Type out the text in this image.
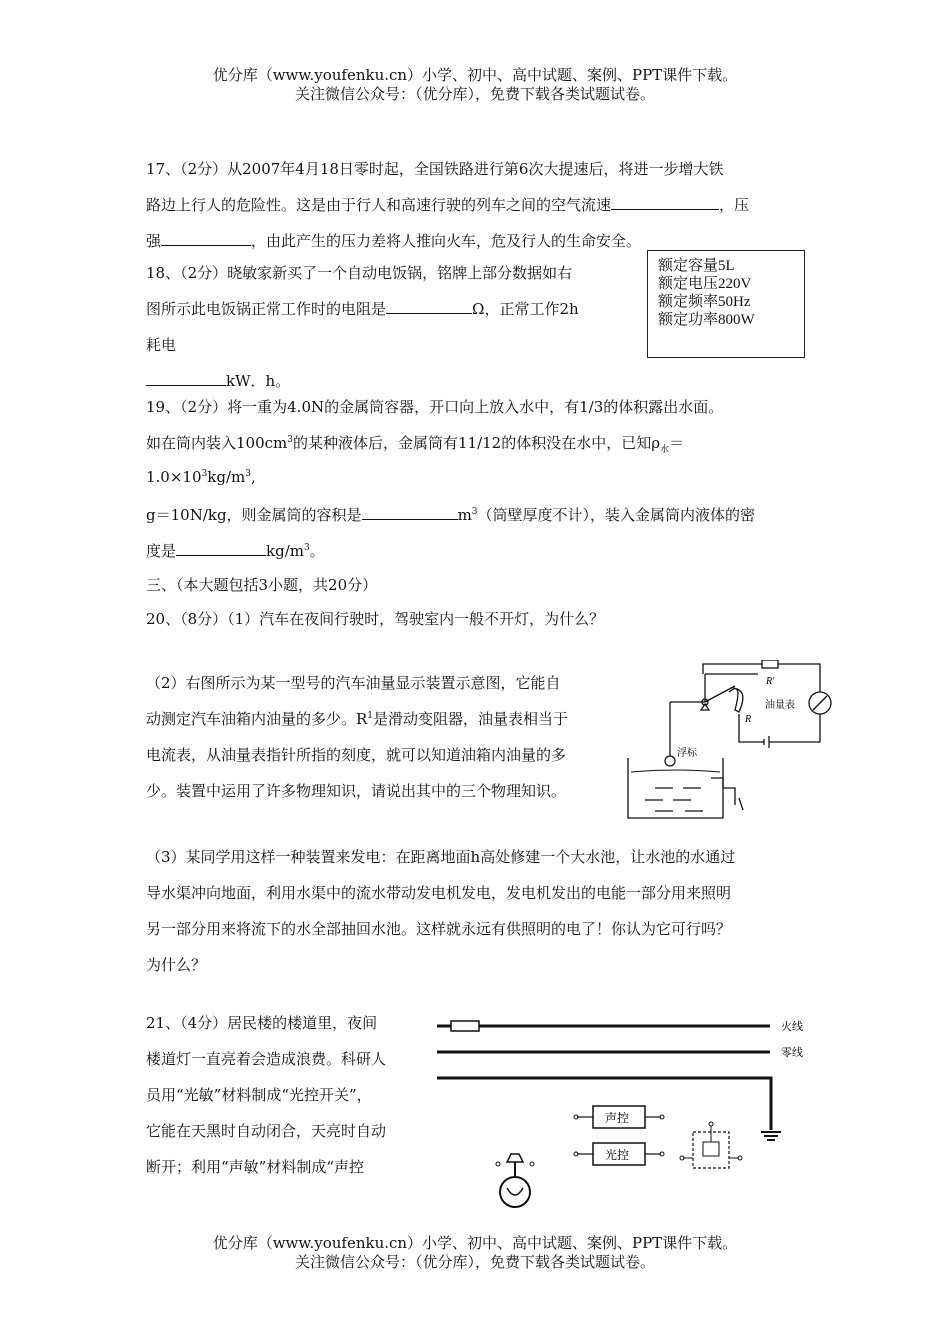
优分库（www.youfenku.cn）小学、初中、高中试题、案例、PPT课件下载。
关注微信公众号：（优分库），免费下载各类试题试卷。
17、（2分）从2007年4月18日零时起，全国铁路进行第6次大提速后，将进一步增大铁
路边上行人的危险性。这是由于行人和高速行驶的列车之间的空气流速	，压
强	，由此产生的压力差将人推向火车，危及行人的生命安全。
18、（2分）晓敏家新买了一个自动电饭锅，铭牌上部分数据如右
图所示此电饭锅正常工作时的电阻是	Ω，正常工作2h
耗电
kW．h。
额定容量5L
额定电压220V
额定频率50Hz
额定功率800W
19、（2分）将一重为4.0N的金属筒容器，开口向上放入水中，有1/3的体积露出水面。
如在筒内装入$100cm^3$的某种液体后，金属筒有11/12的体积没在水中，已知$\rho_水=$
$1.0\times 10^3kg/m^3$,
g＝10N/kg，则金属筒的容积是	$m^3$（筒壁厚度不计），装入金属筒内液体的密
度是	$kg/m^3$。
三、（本大题包括3小题，共20分）
20、（8分）（1）汽车在夜间行驶时，驾驶室内一般不开灯，为什么？
（2）右图所示为某一型号的汽车油量显示装置示意图，它能自
动测定汽车油箱内油量的多少。$R^1$是滑动变阻器，油量表相当于
电流表，从油量表指针所指的刻度，就可以知道油箱内油量的多
少。装置中运用了许多物理知识，请说出其中的三个物理知识。
（3）某同学用这样一种装置来发电：在距离地面h高处修建一个大水池，让水池的水通过
导水渠冲向地面，利用水渠中的流水带动发电机发电，发电机发出的电能一部分用来照明
另一部分用来将流下的水全部抽回水池。这样就永远有供照明的电了！你认为它可行吗？
为什么？
R′
R
油量表
浮标
21、（4分）居民楼的楼道里，夜间
楼道灯一直亮着会造成浪费。科研人
员用“光敏”材料制成“光控开关”，
它能在天黑时自动闭合，天亮时自动
断开；利用“声敏”材料制成“声控
火线
零线
声控
光控
优分库（www.youfenku.cn）小学、初中、高中试题、案例、PPT课件下载。
关注微信公众号：（优分库），免费下载各类试题试卷。
